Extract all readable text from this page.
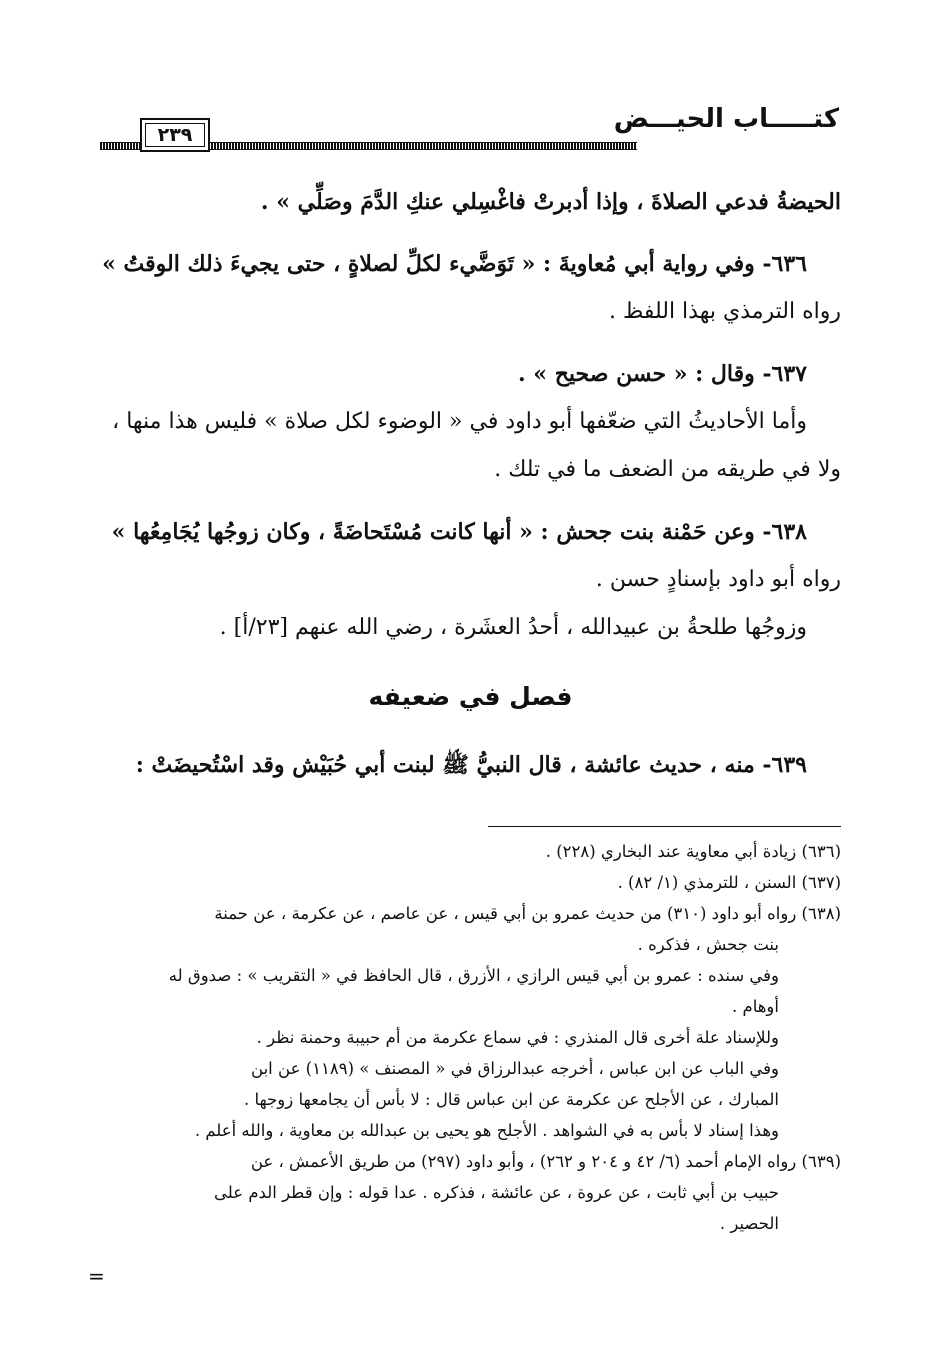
كتـــــاب الحيـــض
٢٣٩

الحيضةُ فدعي الصلاةَ ، وإذا أدبرتْ فاغْسِلي عنكِ الدَّمَ وصَلِّي » .

٦٣٦- وفي رواية أبي مُعاويةَ : « تَوَضَّيء لكلِّ لصلاةٍ ، حتى يجيءَ ذلك الوقتُ »

رواه الترمذي بهذا اللفظ .

٦٣٧- وقال : « حسن صحيح » .

وأما الأحاديثُ التي ضعّفها أبو داود في « الوضوء لكل صلاة » فليس هذا منها ،

ولا في طريقه من الضعف ما في تلك .

٦٣٨- وعن حَمْنة بنت جحش : « أنها كانت مُسْتَحاضَةً ، وكان زوجُها يُجَامِعُها »

رواه أبو داود بإسنادٍ حسن .

وزوجُها طلحةُ بن عبيدالله ، أحدُ العشَرة ، رضي الله عنهم [٢٣/أ] .

فصل في ضعيفه

٦٣٩- منه ، حديث عائشة ، قال النبيُّ ﷺ لبنت أبي حُبَيْش وقد اسْتُحيضَتْ :

(٦٣٦) زيادة أبي معاوية عند البخاري (٢٢٨) .

(٦٣٧) السنن ، للترمذي (١/ ٨٢) .

(٦٣٨) رواه أبو داود (٣١٠) من حديث عمرو بن أبي قيس ، عن عاصم ، عن عكرمة ، عن حمنة

بنت جحش ، فذكره .

وفي سنده : عمرو بن أبي قيس الرازي ، الأزرق ، قال الحافظ في « التقريب » : صدوق له

أوهام .

وللإسناد علة أخرى قال المنذري : في سماع عكرمة من أم حبيبة وحمنة نظر .

وفي الباب عن ابن عباس ، أخرجه عبدالرزاق في « المصنف » (١١٨٩) عن ابن

المبارك ، عن الأجلح عن عكرمة عن ابن عباس قال : لا بأس أن يجامعها زوجها .

وهذا إسناد لا بأس به في الشواهد . الأجلح هو يحيى بن عبدالله بن معاوية ، والله أعلم .

(٦٣٩) رواه الإمام أحمد (٦/ ٤٢ و ٢٠٤ و ٢٦٢) ، وأبو داود (٢٩٧) من طريق الأعمش ، عن

حبيب بن أبي ثابت ، عن عروة ، عن عائشة ، فذكره . عدا قوله : وإن قطر الدم على

الحصير .

=
